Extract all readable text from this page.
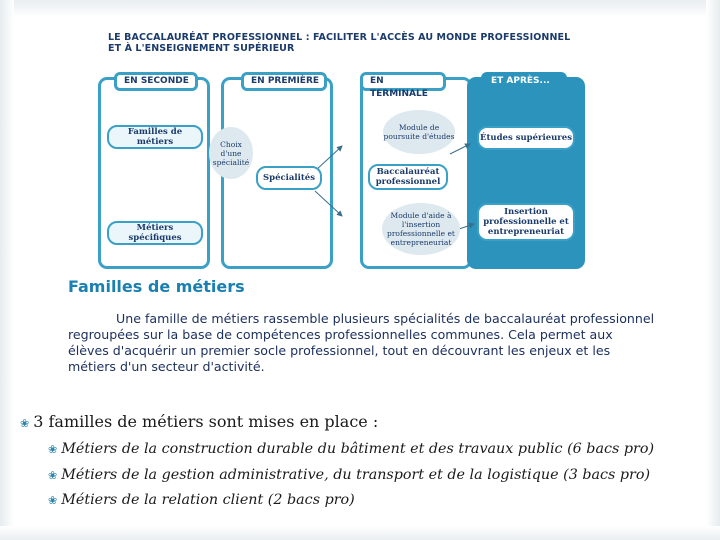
LE BACCALAURÉAT PROFESSIONNEL : FACILITER L'ACCÈS AU MONDE PROFESSIONNEL
ET À L'ENSEIGNEMENT SUPÉRIEUR
EN SECONDE	EN PREMIÈRE	EN TERMINALE
ET APRÈS...
Familles de métiers
Métiers spécifiques
Choix d'une spécialité
Spécialités
Module de poursuite d'études
Baccalauréat professionnel
Module d'aide à l'insertion professionnelle et entrepreneuriat
Études supérieures
Insertion professionnelle et entrepreneuriat
Familles de métiers
Une famille de métiers rassemble plusieurs spécialités de baccalauréat professionnel regroupées sur la base de compétences professionnelles communes. Cela permet aux élèves d'acquérir un premier socle professionnel, tout en découvrant les enjeux et les métiers d'un secteur d'activité.
❀ 3 familles de métiers sont mises en place :
❀ Métiers de la construction durable du bâtiment et des travaux public (6 bacs pro)
❀ Métiers de la gestion administrative, du transport et de la logistique (3 bacs pro)
❀ Métiers de la relation client (2 bacs pro)
